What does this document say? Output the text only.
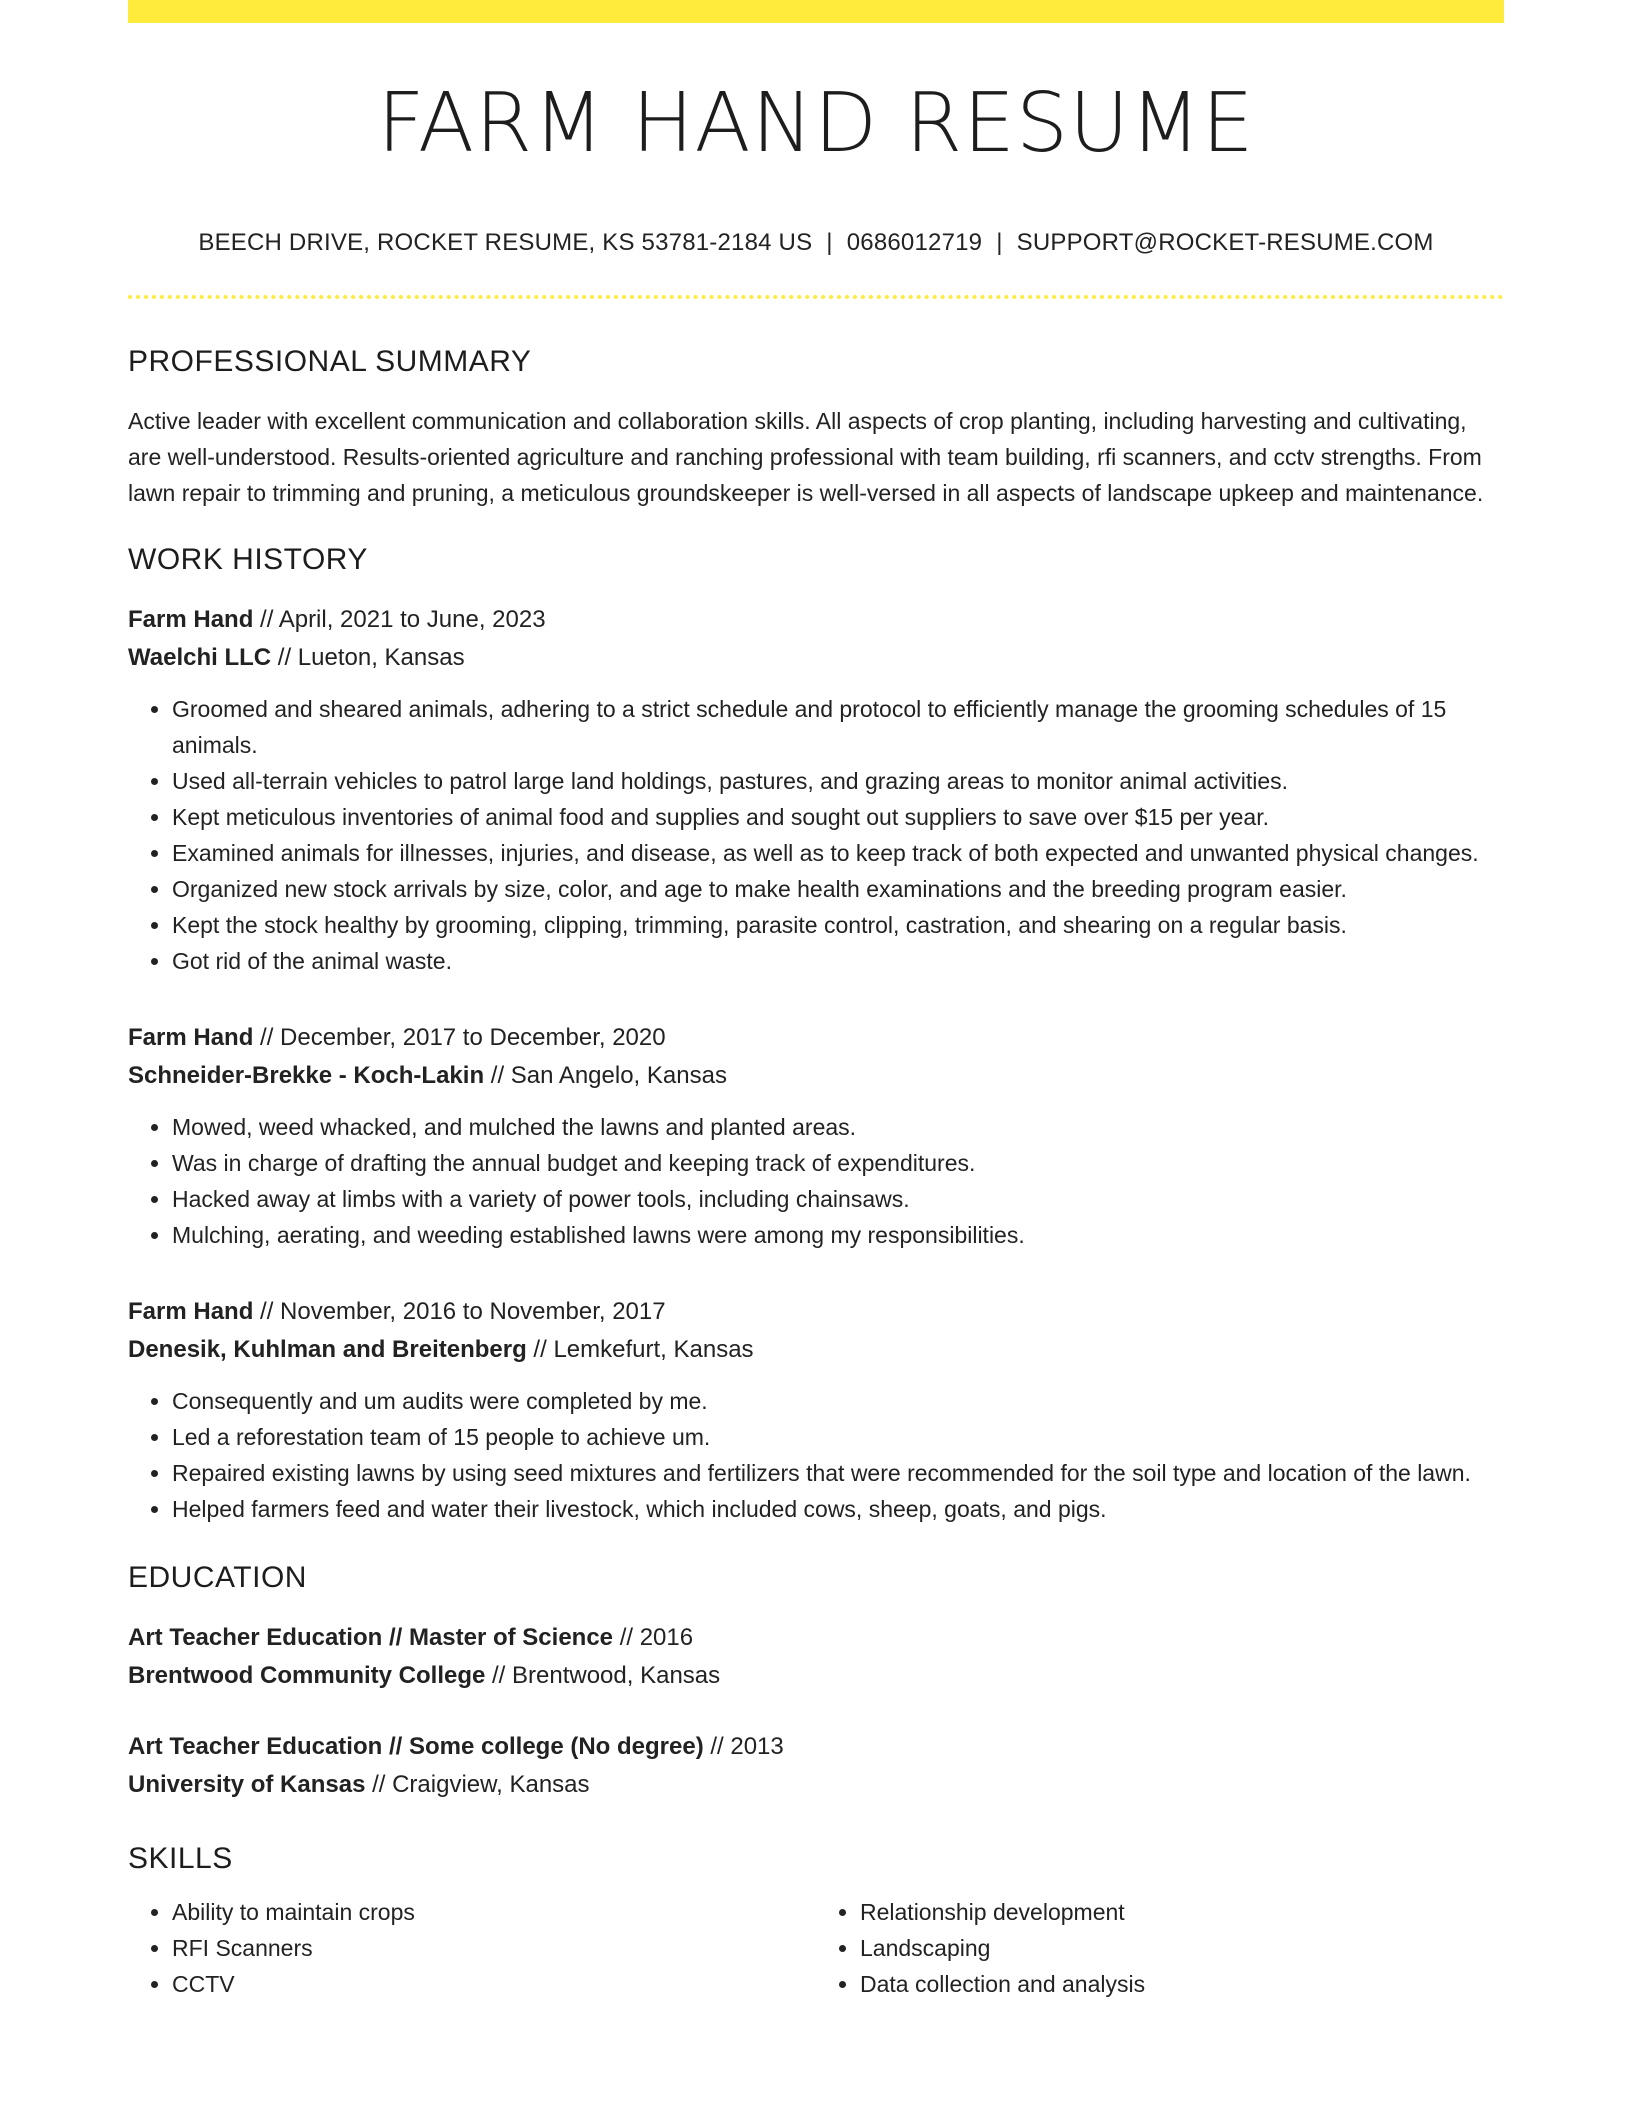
FARM HAND RESUME
BEECH DRIVE, ROCKET RESUME, KS 53781-2184 US | 0686012719 | SUPPORT@ROCKET-RESUME.COM
PROFESSIONAL SUMMARY
Active leader with excellent communication and collaboration skills. All aspects of crop planting, including harvesting and cultivating, are well-understood. Results-oriented agriculture and ranching professional with team building, rfi scanners, and cctv strengths. From lawn repair to trimming and pruning, a meticulous groundskeeper is well-versed in all aspects of landscape upkeep and maintenance.
WORK HISTORY
Farm Hand // April, 2021 to June, 2023
Waelchi LLC // Lueton, Kansas
• Groomed and sheared animals, adhering to a strict schedule and protocol to efficiently manage the grooming schedules of 15 animals.
• Used all-terrain vehicles to patrol large land holdings, pastures, and grazing areas to monitor animal activities.
• Kept meticulous inventories of animal food and supplies and sought out suppliers to save over $15 per year.
• Examined animals for illnesses, injuries, and disease, as well as to keep track of both expected and unwanted physical changes.
• Organized new stock arrivals by size, color, and age to make health examinations and the breeding program easier.
• Kept the stock healthy by grooming, clipping, trimming, parasite control, castration, and shearing on a regular basis.
• Got rid of the animal waste.
Farm Hand // December, 2017 to December, 2020
Schneider-Brekke - Koch-Lakin // San Angelo, Kansas
• Mowed, weed whacked, and mulched the lawns and planted areas.
• Was in charge of drafting the annual budget and keeping track of expenditures.
• Hacked away at limbs with a variety of power tools, including chainsaws.
• Mulching, aerating, and weeding established lawns were among my responsibilities.
Farm Hand // November, 2016 to November, 2017
Denesik, Kuhlman and Breitenberg // Lemkefurt, Kansas
• Consequently and um audits were completed by me.
• Led a reforestation team of 15 people to achieve um.
• Repaired existing lawns by using seed mixtures and fertilizers that were recommended for the soil type and location of the lawn.
• Helped farmers feed and water their livestock, which included cows, sheep, goats, and pigs.
EDUCATION
Art Teacher Education // Master of Science // 2016
Brentwood Community College // Brentwood, Kansas
Art Teacher Education // Some college (No degree) // 2013
University of Kansas // Craigview, Kansas
SKILLS
• Ability to maintain crops
• RFI Scanners
• CCTV
• Relationship development
• Landscaping
• Data collection and analysis
